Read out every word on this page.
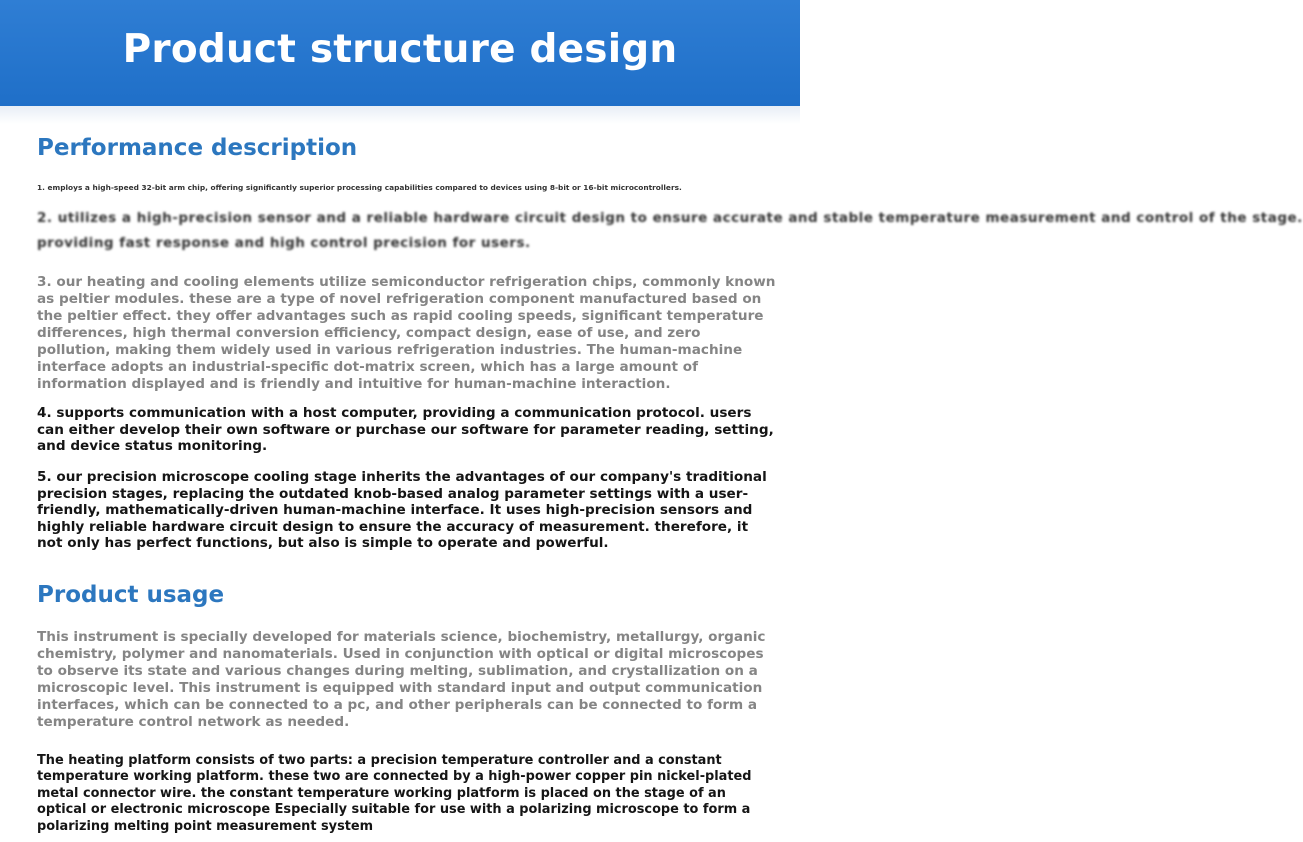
Product structure design
Performance description

1. employs a high-speed 32-bit arm chip, offering significantly superior processing capabilities compared to devices using 8-bit or 16-bit microcontrollers.

2. utilizes a high-precision sensor and a reliable hardware circuit design to ensure accurate and stable temperature measurement and control of the stage.
providing fast response and high control precision for users.

3. our heating and cooling elements utilize semiconductor refrigeration chips, commonly known as peltier modules. these are a type of novel refrigeration component manufactured based on the peltier effect. they offer advantages such as rapid cooling speeds, significant temperature differences, high thermal conversion efficiency, compact design, ease of use, and zero pollution, making them widely used in various refrigeration industries. The human-machine interface adopts an industrial-specific dot-matrix screen, which has a large amount of information displayed and is friendly and intuitive for human-machine interaction.

4. supports communication with a host computer, providing a communication protocol. users can either develop their own software or purchase our software for parameter reading, setting, and device status monitoring.

5. our precision microscope cooling stage inherits the advantages of our company's traditional precision stages, replacing the outdated knob-based analog parameter settings with a user-friendly, mathematically-driven human-machine interface. It uses high-precision sensors and highly reliable hardware circuit design to ensure the accuracy of measurement. therefore, it not only has perfect functions, but also is simple to operate and powerful.

Product usage

This instrument is specially developed for materials science, biochemistry, metallurgy, organic chemistry, polymer and nanomaterials. Used in conjunction with optical or digital microscopes to observe its state and various changes during melting, sublimation, and crystallization on a microscopic level. This instrument is equipped with standard input and output communication interfaces, which can be connected to a pc, and other peripherals can be connected to form a temperature control network as needed.

The heating platform consists of two parts: a precision temperature controller and a constant temperature working platform. these two are connected by a high-power copper pin nickel-plated metal connector wire. the constant temperature working platform is placed on the stage of an optical or electronic microscope Especially suitable for use with a polarizing microscope to form a polarizing melting point measurement system
